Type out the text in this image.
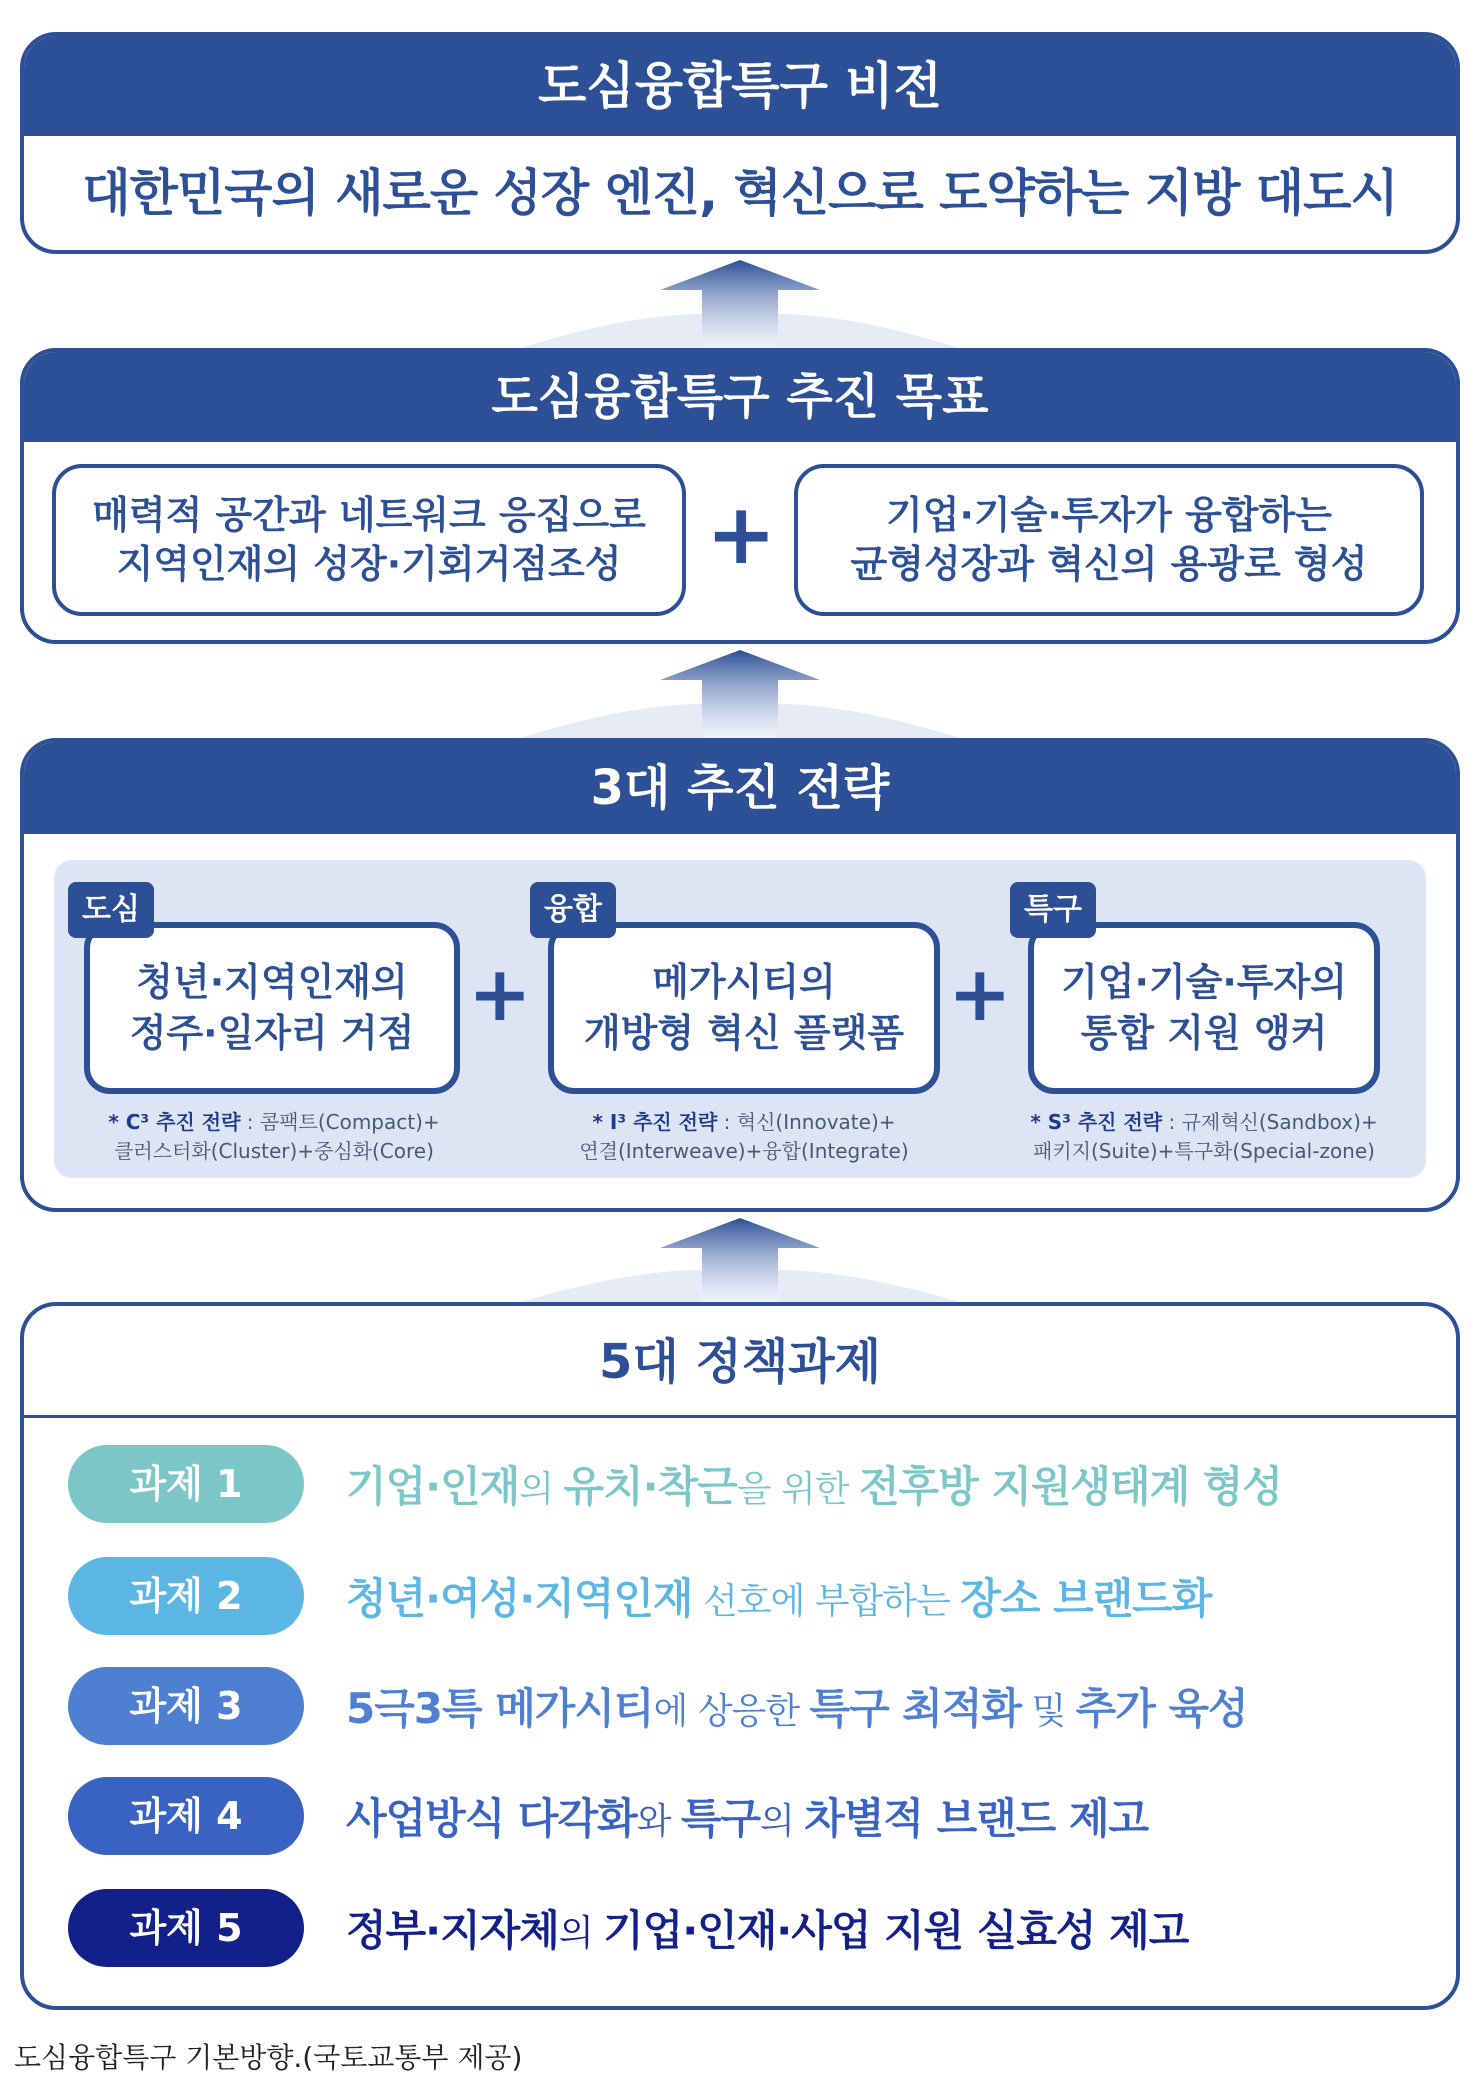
도심융합특구 비전
대한민국의 새로운 성장 엔진, 혁신으로 도약하는 지방 대도시
도심융합특구 추진 목표
매력적 공간과 네트워크 응집으로
지역인재의 성장·기회거점조성 +	기업·기술·투자가 융합하는
균형성장과 혁신의 용광로 형성
3대 추진 전략
청년·지역인재의
정주·일자리 거점
도심
+
* C³ 추진 전략 : 콤팩트(Compact)+
클러스터화(Cluster)+중심화(Core)
메가시티의
개방형 혁신 플랫폼
융합
+
* I³ 추진 전략 : 혁신(Innovate)+
연결(Interweave)+융합(Integrate)
기업·기술·투자의
통합 지원 앵커
특구
* S³ 추진 전략 : 규제혁신(Sandbox)+
패키지(Suite)+특구화(Special-zone)
5대 정책과제
과제 1	기업·인재의 유치·착근을 위한 전후방 지원생태계 형성
과제 2	청년·여성·지역인재 선호에 부합하는 장소 브랜드화
과제 3	5극3특 메가시티에 상응한 특구 최적화 및 추가 육성
과제 4	사업방식 다각화와 특구의 차별적 브랜드 제고
과제 5	정부·지자체의 기업·인재·사업 지원 실효성 제고
도심융합특구 기본방향.(국토교통부 제공)
